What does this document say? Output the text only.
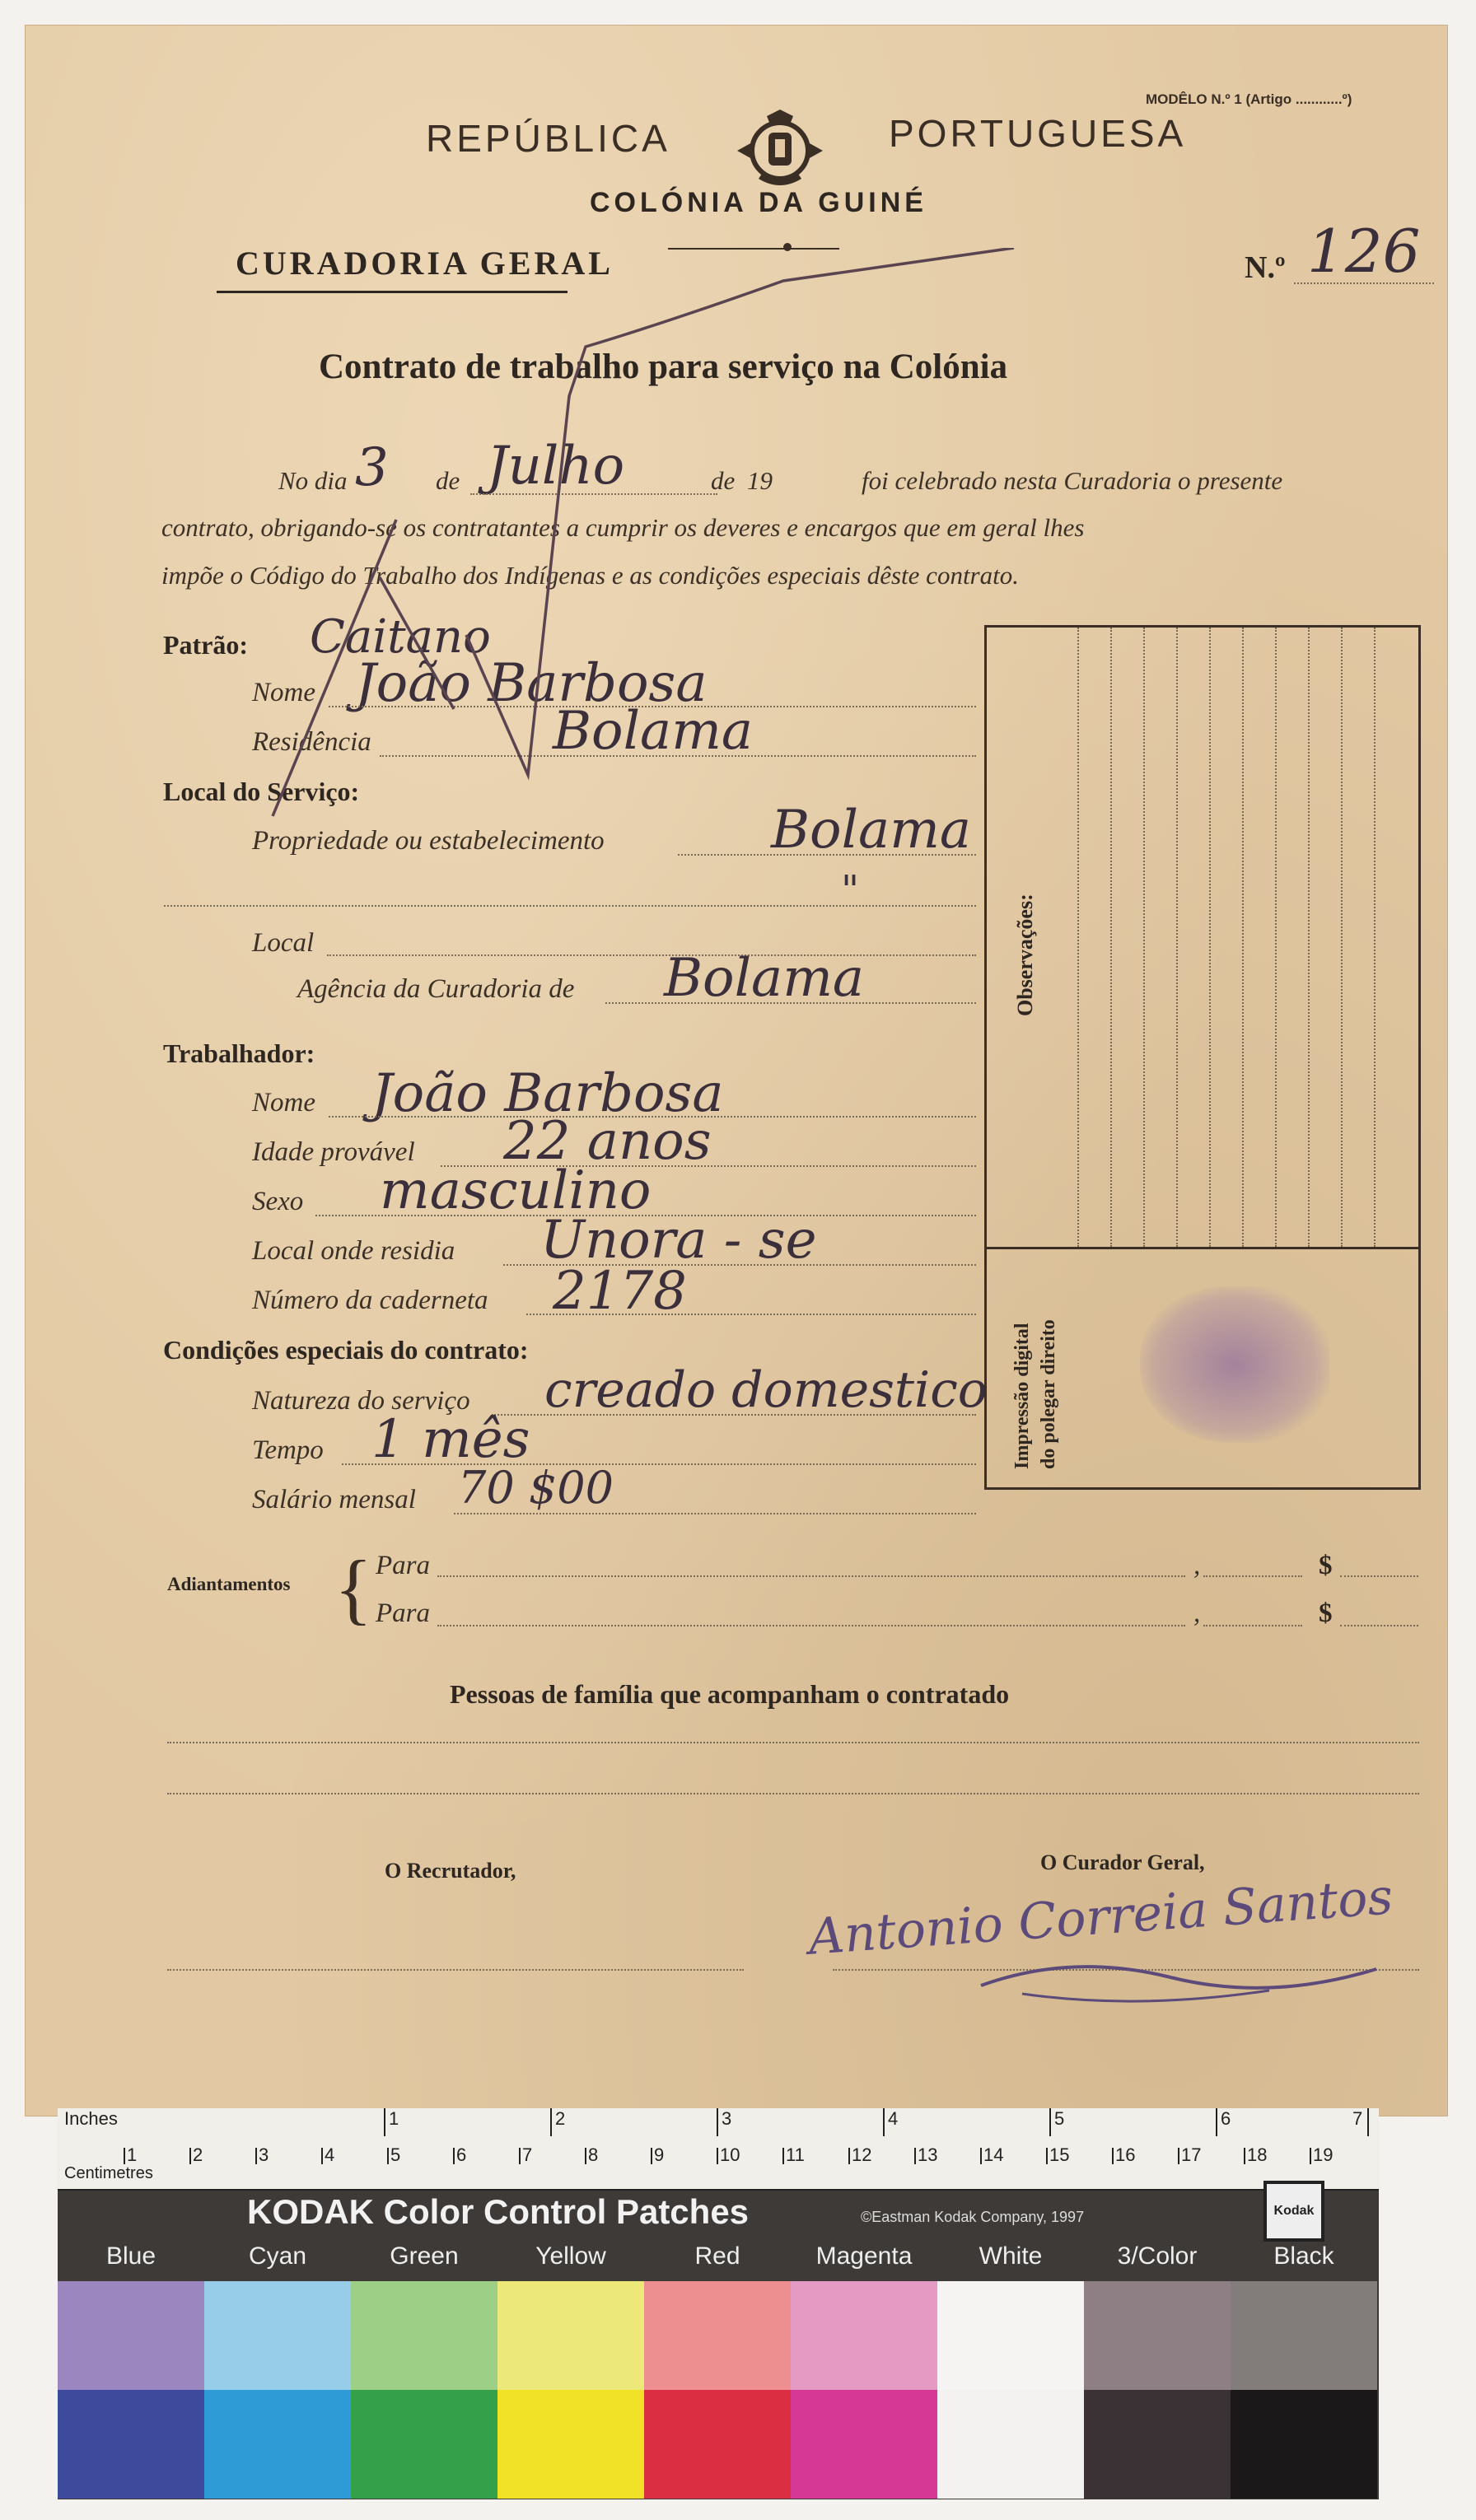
MODÊLO N.º 1 (Artigo ............º)
REPÚBLICA	PORTUGUESA
COLÓNIA DA GUINÉ
CURADORIA GERAL	N.º 126
Contrato de trabalho para serviço na Colónia
No dia 3 de Julho	de 19	foi celebrado nesta Curadoria o presente
contrato, obrigando-se os contratantes a cumprir os deveres e encargos que em geral lhes
impõe o Código do Trabalho dos Indígenas e as condições especiais dêste contrato.
Patrão: Caitano
Nome João Barbosa
Residência	Bolama
Local do Serviço:
Propriedade ou estabelecimento	Bolama
"
Local
Agência da Curadoria de Bolama
Trabalhador:
Nome João Barbosa
Idade provável 22 anos
Sexo masculino
Local onde residia Unora - se
Número da caderneta 2178
Condições especiais do contrato:
Natureza do serviço creado domestico
Tempo 1 mês
Salário mensal 70 $00
Observações:
Impressão digital do polegar direito
Adiantamentos { Para	,	$
Para	,	$
Pessoas de família que acompanham o contratado
O Recrutador,	O Curador Geral,
Antonio Correia Santos
Inches
Centimetres
1	2	3	4	5	6	7
1	2	3	4	5	6	7	8	9	10	11	12	13	14	15	16	17	18	19
KODAK Color Control Patches	©Eastman Kodak Company, 1997	Kodak
Blue	Cyan	Green	Yellow	Red	Magenta	White	3/Color	Black
